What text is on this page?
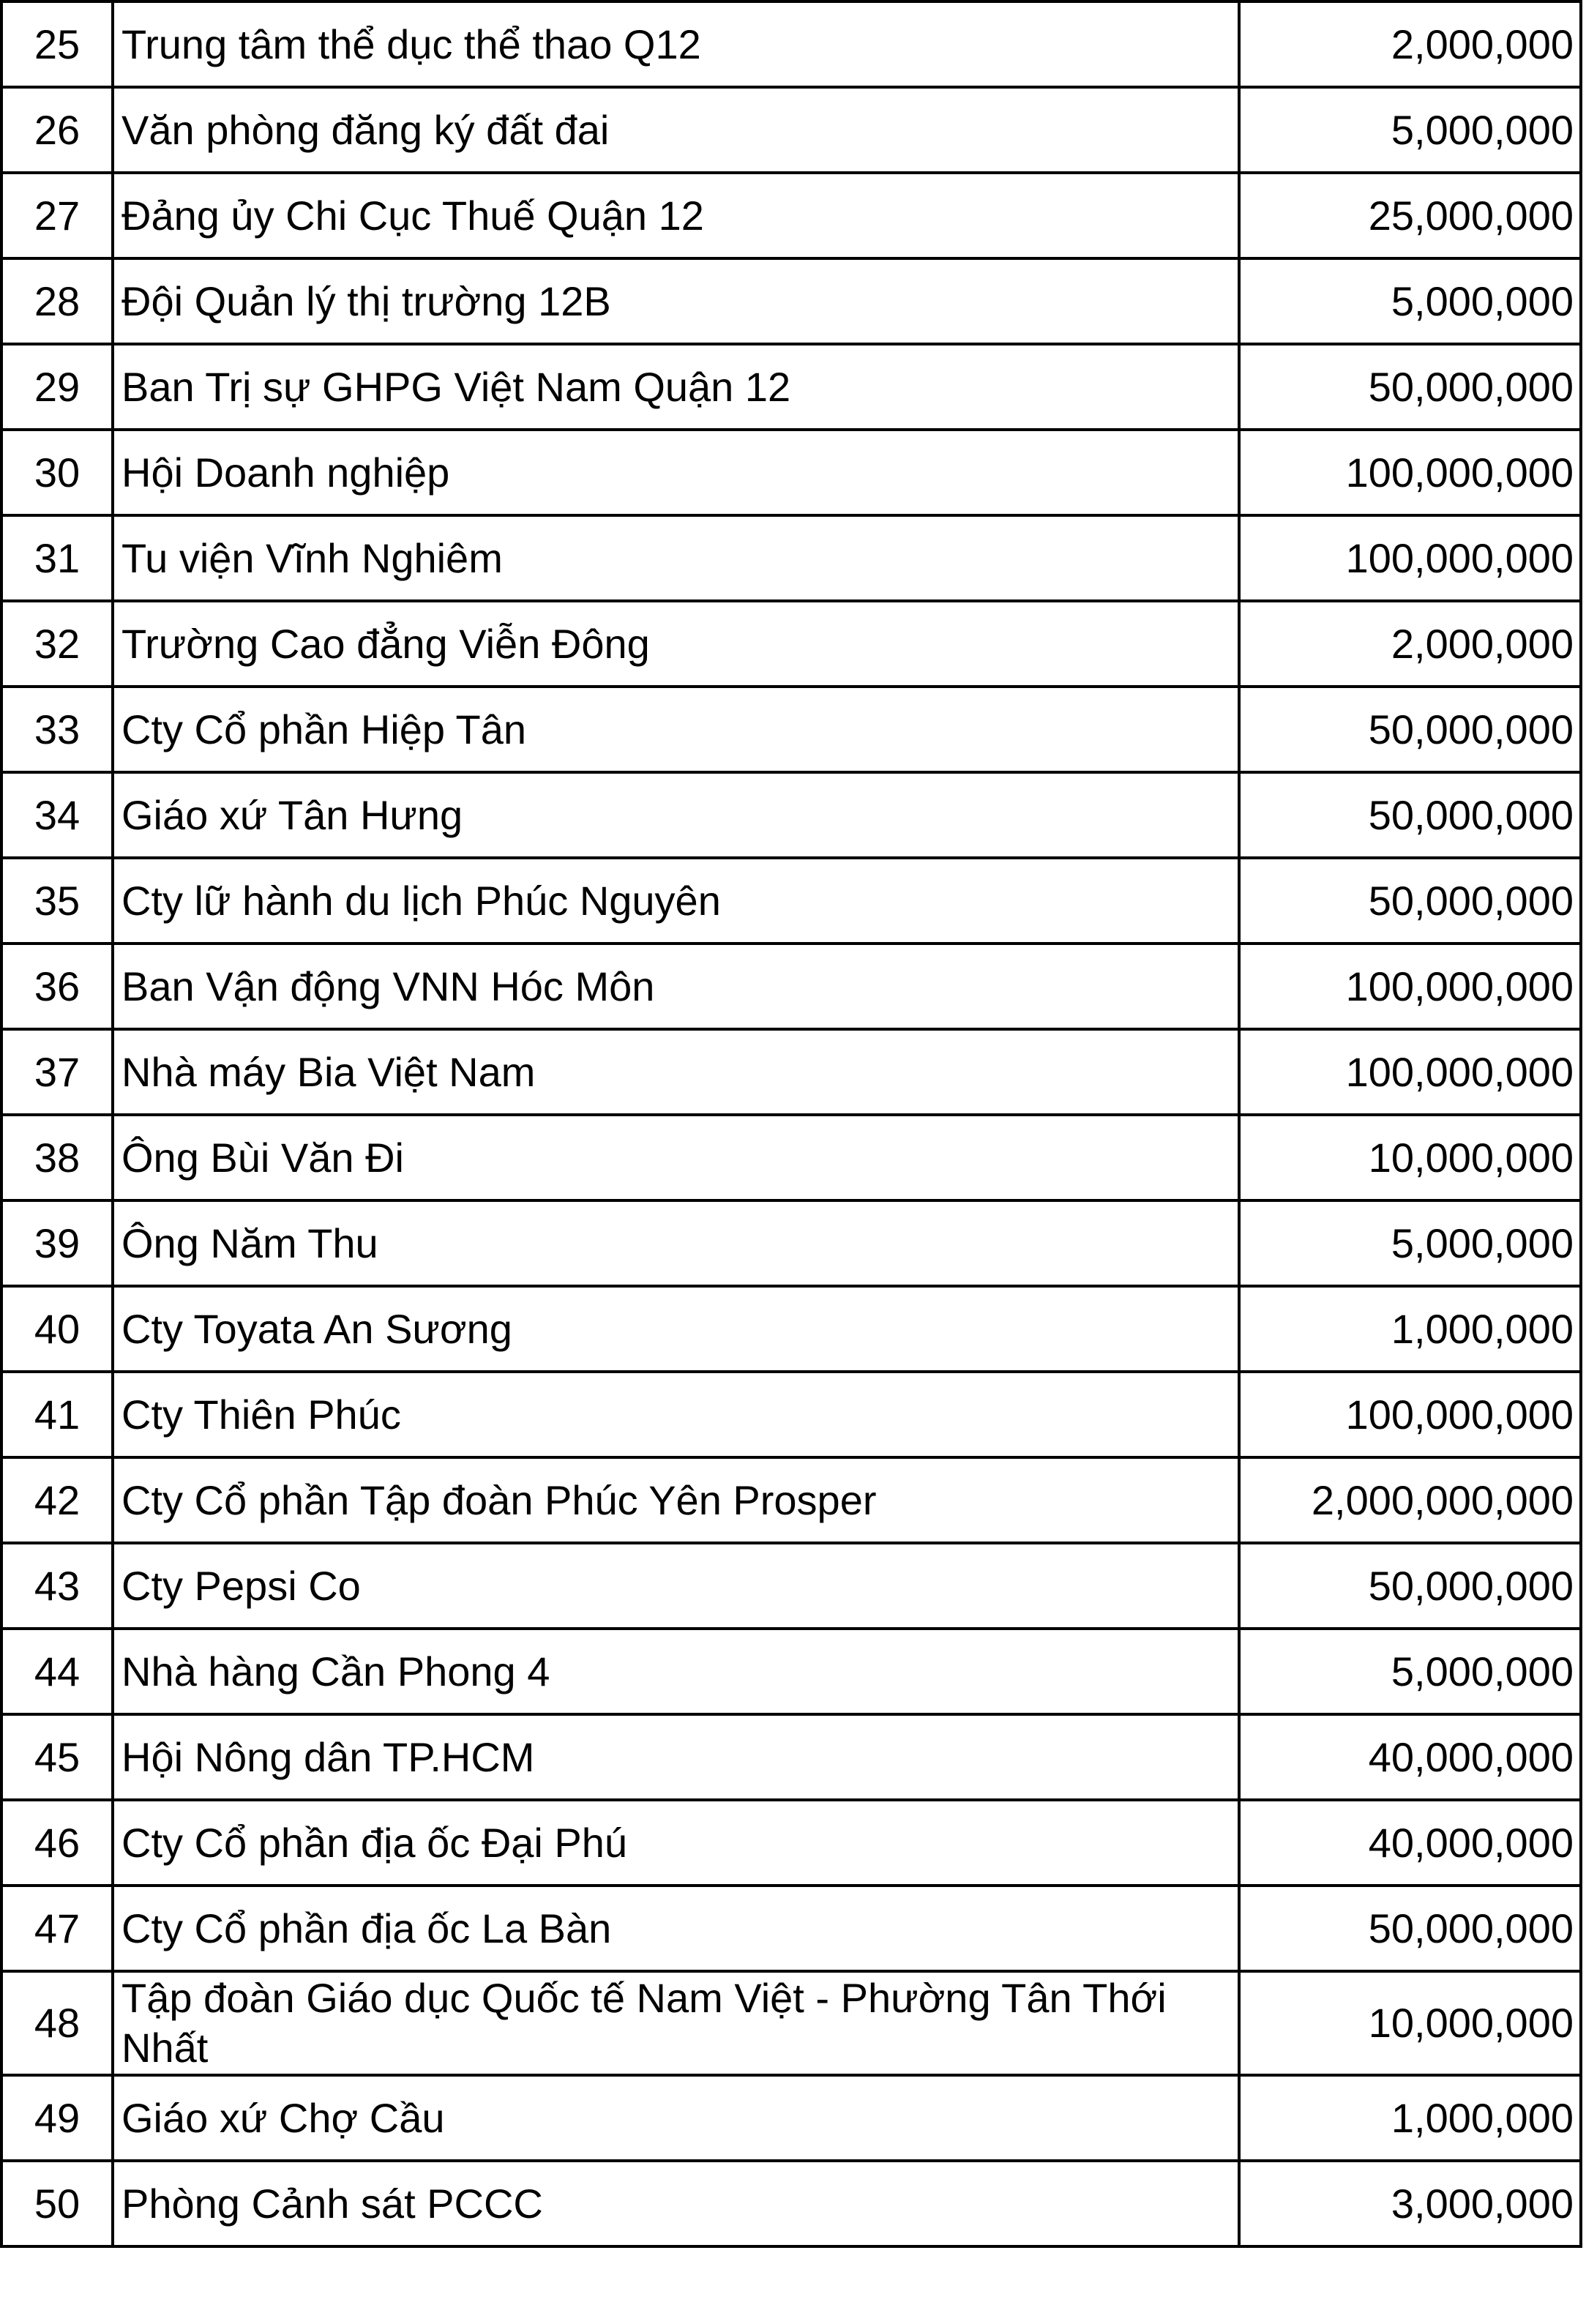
25	Trung tâm thể dục thể thao Q12	2,000,000
26	Văn phòng đăng ký đất đai	5,000,000
27	Đảng ủy Chi Cục Thuế Quận 12	25,000,000
28	Đội Quản lý thị trường 12B	5,000,000
29	Ban Trị sự GHPG Việt Nam Quận 12	50,000,000
30	Hội Doanh nghiệp	100,000,000
31	Tu viện Vĩnh Nghiêm	100,000,000
32	Trường Cao đẳng Viễn Đông	2,000,000
33	Cty Cổ phần Hiệp Tân	50,000,000
34	Giáo xứ Tân Hưng	50,000,000
35	Cty lữ hành du lịch Phúc Nguyên	50,000,000
36	Ban Vận động VNN Hóc Môn	100,000,000
37	Nhà máy Bia Việt Nam	100,000,000
38	Ông Bùi Văn Đi	10,000,000
39	Ông Năm Thu	5,000,000
40	Cty Toyata An Sương	1,000,000
41	Cty Thiên Phúc	100,000,000
42	Cty Cổ phần Tập đoàn Phúc Yên Prosper	2,000,000,000
43	Cty Pepsi Co	50,000,000
44	Nhà hàng Cần Phong 4	5,000,000
45	Hội Nông dân TP.HCM	40,000,000
46	Cty Cổ phần địa ốc Đại Phú	40,000,000
47	Cty Cổ phần địa ốc La Bàn	50,000,000
48	Tập đoàn Giáo dục Quốc tế Nam Việt - Phường Tân Thới Nhất	10,000,000
49	Giáo xứ Chợ Cầu	1,000,000
50	Phòng Cảnh sát PCCC	3,000,000
